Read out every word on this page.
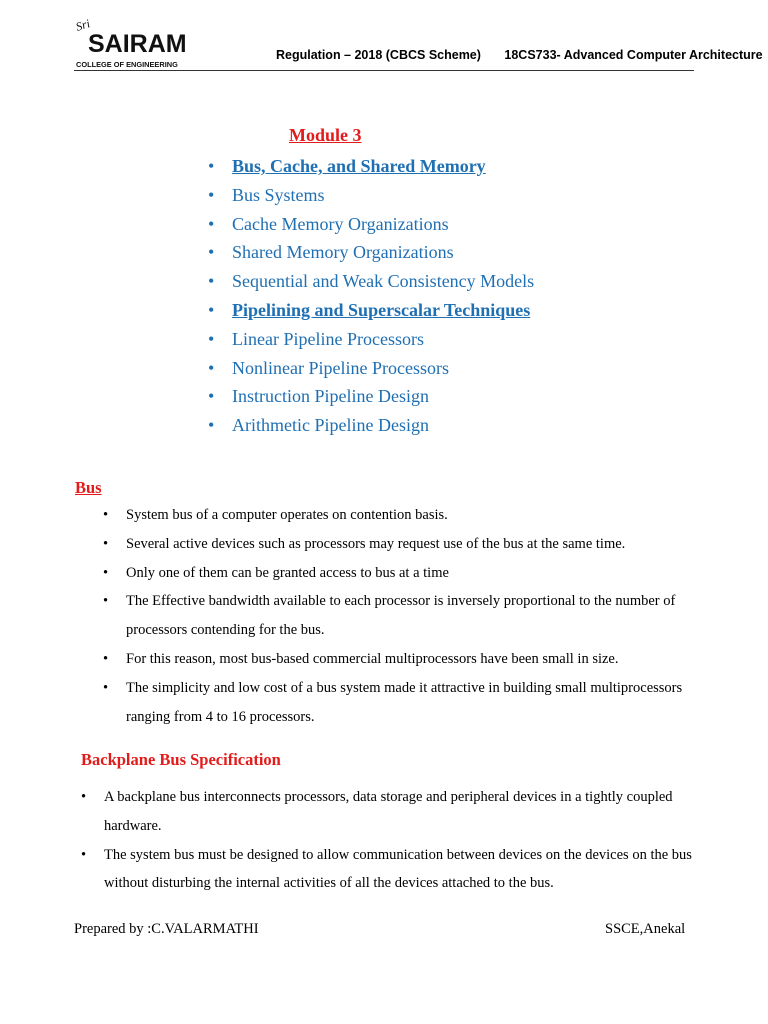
Sri
SAIRAM
COLLEGE OF ENGINEERING
Regulation – 2018 (CBCS Scheme) 18CS733- Advanced Computer Architecture
Module 3
• Bus, Cache, and Shared Memory
• Bus Systems
• Cache Memory Organizations
• Shared Memory Organizations
• Sequential and Weak Consistency Models
• Pipelining and Superscalar Techniques
• Linear Pipeline Processors
• Nonlinear Pipeline Processors
• Instruction Pipeline Design
• Arithmetic Pipeline Design
Bus
• System bus of a computer operates on contention basis.
• Several active devices such as processors may request use of the bus at the same time.
• Only one of them can be granted access to bus at a time
• The Effective bandwidth available to each processor is inversely proportional to the number of processors contending for the bus.
• For this reason, most bus-based commercial multiprocessors have been small in size.
• The simplicity and low cost of a bus system made it attractive in building small multiprocessors ranging from 4 to 16 processors.
Backplane Bus Specification
• A backplane bus interconnects processors, data storage and peripheral devices in a tightly coupled hardware.
• The system bus must be designed to allow communication between devices on the devices on the bus without disturbing the internal activities of all the devices attached to the bus.
Prepared by :C.VALARMATHI	SSCE,Anekal
